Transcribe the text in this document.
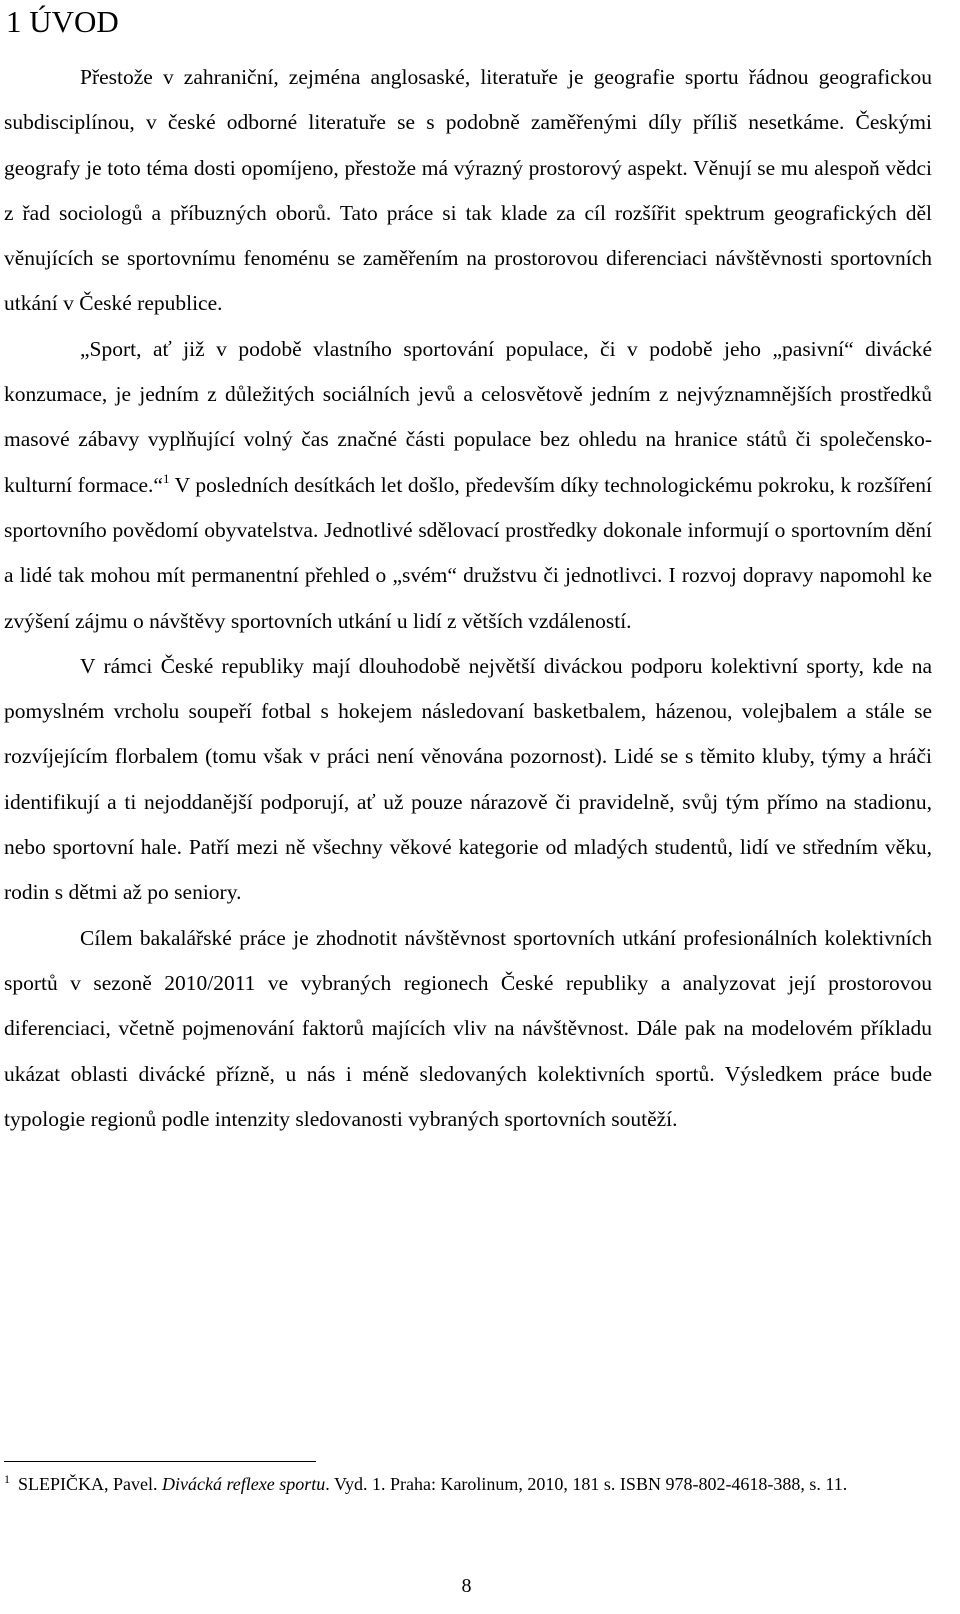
1 ÚVOD

Přestože v zahraniční, zejména anglosaské, literatuře je geografie sportu řádnou geografickou subdisciplínou, v české odborné literatuře se s podobně zaměřenými díly příliš nesetkáme. Českými geografy je toto téma dosti opomíjeno, přestože má výrazný prostorový aspekt. Věnují se mu alespoň vědci z řad sociologů a příbuzných oborů. Tato práce si tak klade za cíl rozšířit spektrum geografických děl věnujících se sportovnímu fenoménu se zaměřením na prostorovou diferenciaci návštěvnosti sportovních utkání v České republice.

„Sport, ať již v podobě vlastního sportování populace, či v podobě jeho „pasivní“ divácké konzumace, je jedním z důležitých sociálních jevů a celosvětově jedním z nejvýznamnějších prostředků masové zábavy vyplňující volný čas značné části populace bez ohledu na hranice států či společensko-kulturní formace.“$^1$ V posledních desítkách let došlo, především díky technologickému pokroku, k rozšíření sportovního povědomí obyvatelstva. Jednotlivé sdělovací prostředky dokonale informují o sportovním dění a lidé tak mohou mít permanentní přehled o „svém“ družstvu či jednotlivci. I rozvoj dopravy napomohl ke zvýšení zájmu o návštěvy sportovních utkání u lidí z větších vzdáleností.

V rámci České republiky mají dlouhodobě největší diváckou podporu kolektivní sporty, kde na pomyslném vrcholu soupeří fotbal s hokejem následovaní basketbalem, házenou, volejbalem a stále se rozvíjejícím florbalem (tomu však v práci není věnována pozornost). Lidé se s těmito kluby, týmy a hráči identifikují a ti nejoddanější podporují, ať už pouze nárazově či pravidelně, svůj tým přímo na stadionu, nebo sportovní hale. Patří mezi ně všechny věkové kategorie od mladých studentů, lidí ve středním věku, rodin s dětmi až po seniory.

Cílem bakalářské práce je zhodnotit návštěvnost sportovních utkání profesionálních kolektivních sportů v sezoně 2010/2011 ve vybraných regionech České republiky a analyzovat její prostorovou diferenciaci, včetně pojmenování faktorů majících vliv na návštěvnost. Dále pak na modelovém příkladu ukázat oblasti divácké přízně, u nás i méně sledovaných kolektivních sportů. Výsledkem práce bude typologie regionů podle intenzity sledovanosti vybraných sportovních soutěží.

$^1$ SLEPIČKA, Pavel. Divácká reflexe sportu. Vyd. 1. Praha: Karolinum, 2010, 181 s. ISBN 978-802-4618-388, s. 11.

8
